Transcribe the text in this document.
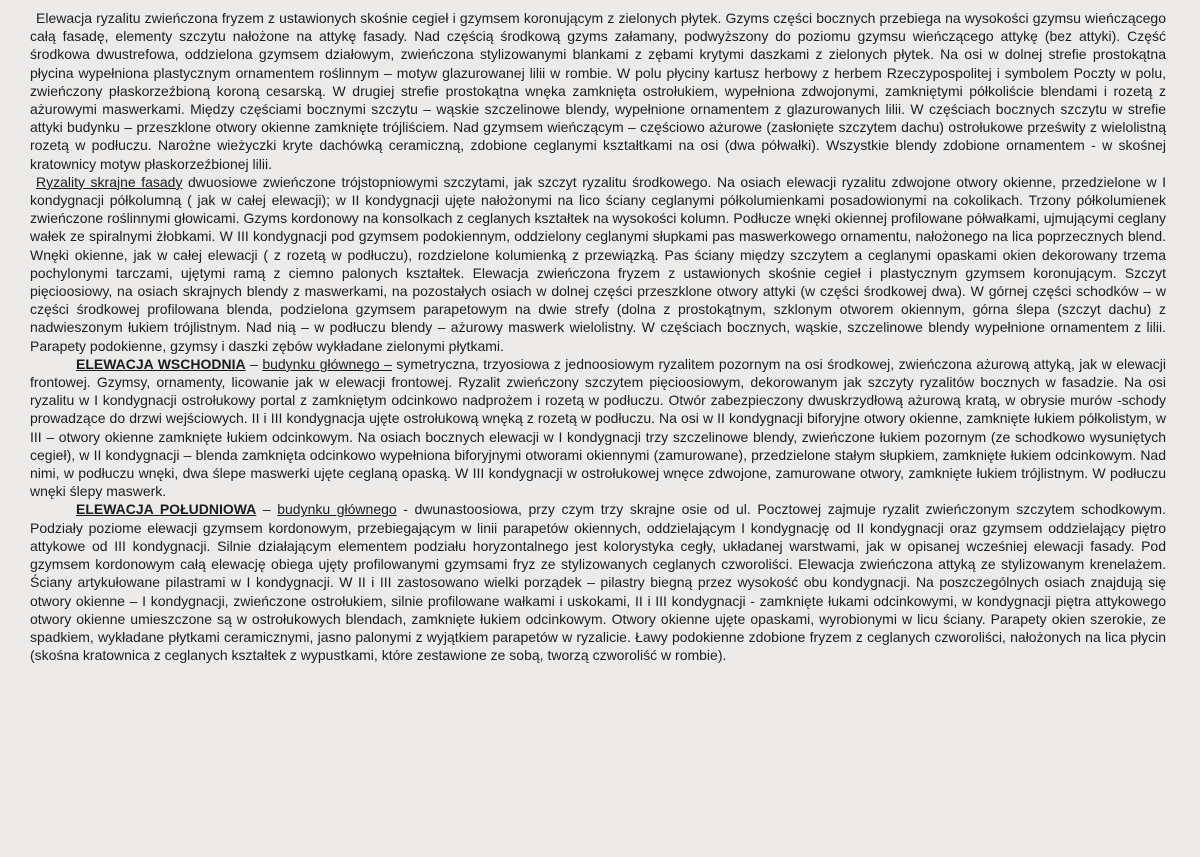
Elewacja ryzalitu zwieńczona fryzem z ustawionych skośnie cegieł i gzymsem koronującym z zielonych płytek. Gzyms części bocznych przebiega na wysokości gzymsu wieńczącego całą fasadę, elementy szczytu nałożone na attykę fasady. Nad częścią środkową gzyms załamany, podwyższony do poziomu gzymsu wieńczącego attykę (bez attyki). Część środkowa dwustrefowa, oddzielona gzymsem działowym, zwieńczona stylizowanymi blankami z zębami krytymi daszkami z zielonych płytek. Na osi w dolnej strefie prostokątna płycina wypełniona plastycznym ornamentem roślinnym – motyw glazurowanej lilii w rombie. W polu płyciny kartusz herbowy z herbem Rzeczypospolitej i symbolem Poczty w polu, zwieńczony płaskorzeźbioną koroną cesarską. W drugiej strefie prostokątna wnęka zamknięta ostrołukiem, wypełniona zdwojonymi, zamkniętymi półkoliście blendami i rozetą z ażurowymi maswerkami. Między częściami bocznymi szczytu – wąskie szczelinowe blendy, wypełnione ornamentem z glazurowanych lilii. W częściach bocznych szczytu w strefie attyki budynku – przeszklone otwory okienne zamknięte trójliściem. Nad gzymsem wieńczącym – częściowo ażurowe (zasłonięte szczytem dachu) ostrołukowe prześwity z wielolistną rozetą w podłuczu. Narożne wieżyczki kryte dachówką ceramiczną, zdobione ceglanymi kształtkami na osi (dwa półwałki). Wszystkie blendy zdobione ornamentem - w skośnej kratownicy motyw płaskorzeźbionej lilii.

Ryzality skrajne fasady dwuosiowe zwieńczone trójstopniowymi szczytami, jak szczyt ryzalitu środkowego. Na osiach elewacji ryzalitu zdwojone otwory okienne, przedzielone w I kondygnacji półkolumną ( jak w całej elewacji); w II kondygnacji ujęte nałożonymi na lico ściany ceglanymi półkolumienkami posadowionymi na cokolikach. Trzony półkolumienek zwieńczone roślinnymi głowicami. Gzyms kordonowy na konsolkach z ceglanych kształtek na wysokości kolumn. Podłucze wnęki okiennej profilowane półwałkami, ujmującymi ceglany wałek ze spiralnymi żłobkami. W III kondygnacji pod gzymsem podokiennym, oddzielony ceglanymi słupkami pas maswerkowego ornamentu, nałożonego na lica poprzecznych blend. Wnęki okienne, jak w całej elewacji ( z rozetą w podłuczu), rozdzielone kolumienką z przewiązką. Pas ściany między szczytem a ceglanymi opaskami okien dekorowany trzema pochylonymi tarczami, ujętymi ramą z ciemno palonych kształtek. Elewacja zwieńczona fryzem z ustawionych skośnie cegieł i plastycznym gzymsem koronującym. Szczyt pięcioosiowy, na osiach skrajnych blendy z maswerkami, na pozostałych osiach w dolnej części przeszklone otwory attyki (w części środkowej dwa). W górnej części schodków – w części środkowej profilowana blenda, podzielona gzymsem parapetowym na dwie strefy (dolna z prostokątnym, szklonym otworem okiennym, górna ślepa (szczyt dachu) z nadwieszonym łukiem trójlistnym. Nad nią – w podłuczu blendy – ażurowy maswerk wielolistny. W częściach bocznych, wąskie, szczelinowe blendy wypełnione ornamentem z lilii. Parapety podokienne, gzymsy i daszki zębów wykładane zielonymi płytkami.

ELEWACJA WSCHODNIA – budynku głównego – symetryczna, trzyosiowa z jednoosiowym ryzalitem pozornym na osi środkowej, zwieńczona ażurową attyką, jak w elewacji frontowej. Gzymsy, ornamenty, licowanie jak w elewacji frontowej. Ryzalit zwieńczony szczytem pięcioosiowym, dekorowanym jak szczyty ryzalitów bocznych w fasadzie. Na osi ryzalitu w I kondygnacji ostrołukowy portal z zamkniętym odcinkowo nadprożem i rozetą w podłuczu. Otwór zabezpieczony dwuskrzydłową ażurową kratą, w obrysie murów -schody prowadzące do drzwi wejściowych. II i III kondygnacja ujęte ostrołukową wnęką z rozetą w podłuczu. Na osi w II kondygnacji biforyjne otwory okienne, zamknięte łukiem półkolistym, w III – otwory okienne zamknięte łukiem odcinkowym. Na osiach bocznych elewacji w I kondygnacji trzy szczelinowe blendy, zwieńczone łukiem pozornym (ze schodkowo wysuniętych cegieł), w II kondygnacji – blenda zamknięta odcinkowo wypełniona biforyjnymi otworami okiennymi (zamurowane), przedzielone stałym słupkiem, zamknięte łukiem odcinkowym. Nad nimi, w podłuczu wnęki, dwa ślepe maswerki ujęte ceglaną opaską. W III kondygnacji w ostrołukowej wnęce zdwojone, zamurowane otwory, zamknięte łukiem trójlistnym. W podłuczu wnęki ślepy maswerk.

ELEWACJA POŁUDNIOWA – budynku głównego - dwunastoosiowa, przy czym trzy skrajne osie od ul. Pocztowej zajmuje ryzalit zwieńczonym szczytem schodkowym. Podziały poziome elewacji gzymsem kordonowym, przebiegającym w linii parapetów okiennych, oddzielającym I kondygnację od II kondygnacji oraz gzymsem oddzielający piętro attykowe od III kondygnacji. Silnie działającym elementem podziału horyzontalnego jest kolorystyka cegły, układanej warstwami, jak w opisanej wcześniej elewacji fasady. Pod gzymsem kordonowym całą elewację obiega ujęty profilowanymi gzymsami fryz ze stylizowanych ceglanych czworoliści. Elewacja zwieńczona attyką ze stylizowanym krenelażem. Ściany artykułowane pilastrami w I kondygnacji. W II i III zastosowano wielki porządek – pilastry biegną przez wysokość obu kondygnacji. Na poszczególnych osiach znajdują się otwory okienne – I kondygnacji, zwieńczone ostrołukiem, silnie profilowane wałkami i uskokami, II i III kondygnacji - zamknięte łukami odcinkowymi, w kondygnacji piętra attykowego otwory okienne umieszczone są w ostrołukowych blendach, zamknięte łukiem odcinkowym. Otwory okienne ujęte opaskami, wyrobionymi w licu ściany. Parapety okien szerokie, ze spadkiem, wykładane płytkami ceramicznymi, jasno palonymi z wyjątkiem parapetów w ryzalicie. Ławy podokienne zdobione fryzem z ceglanych czworoliści, nałożonych na lica płycin (skośna kratownica z ceglanych kształtek z wypustkami, które zestawione ze sobą, tworzą czworoliść w rombie).
